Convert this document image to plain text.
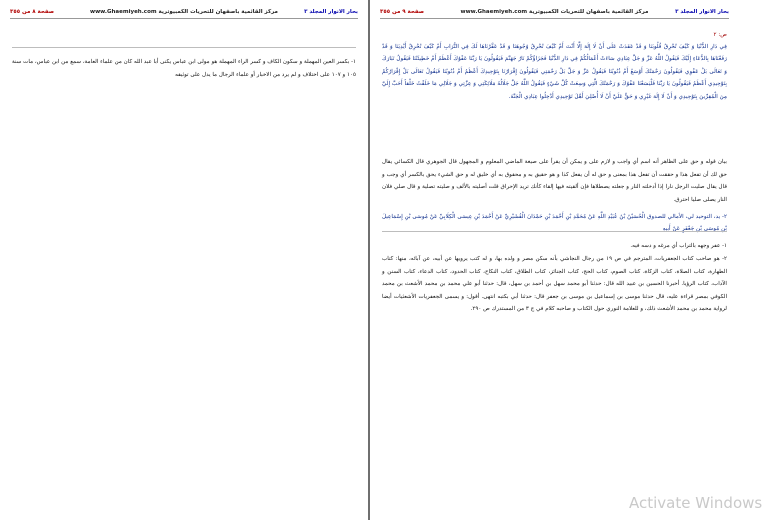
صفحة ٨ من ٣٥٥	www.Ghaemiyeh.com مرکز القائمیة باصفهان للتحریات الکمبیوتریة	بحار الانوار المجلد ٣
١- بكسر العين المهملة و سكون الكاف و كسر الراء المهملة هو مولى ابن عباس يكنى أبا عبد الله كان من علماء العامة، سمع من ابن عباس، مات سنة ١٠٥ و ١٠٧ على اختلاف و لم يرد من الاخبار أو علماء الرجال ما يدل على توثيقه
صفحة ٩ من ٣٥٥	www.Ghaemiyeh.com مرکز القائمیة باصفهان للتحریات الکمبیوتریة	بحار الانوار المجلد ٣
ص: ٢
فِي دَارِ الدُّنْيَا وَ كَيْفَ تُحْرِقُ قُلُوبَنَا وَ قَدْ عَقَدَتْ عَلَى أَنْ لَا إِلَهَ إِلَّا أَنْتَ أَمْ كَيْفَ تُحْرِقُ وُجُوهَنَا وَ قَدْ عَفَّرْنَاهَا لَكَ فِي التُّرَابِ أَمْ كَيْفَ تُحْرِقُ أَيْدِيَنَا وَ قَدْ رَفَعْنَاهَا بِالدُّعَاءِ إِلَيْكَ فَيَقُولُ اللَّهُ عَزَّ وَ جَلَّ عِبَادِي سَاءَتْ أَعْمَالُكُمْ فِي دَارِ الدُّنْيَا فَجَزَاؤُكُمْ نَارُ جَهَنَّمَ فَيَقُولُونَ يَا رَبَّنَا عَفْوُكَ أَعْظَمُ أَمْ خَطِيئَتُنَا فَيَقُولُ تَبَارَكَ وَ تَعَالَى بَلْ عَفْوِي فَيَقُولُونَ رَحْمَتُكَ أَوْسَعُ أَمْ ذُنُوبُنَا فَيَقُولُ عَزَّ وَ جَلَّ بَلْ رَحْمَتِي فَيَقُولُونَ إِقْرَارُنَا بِتَوْحِيدِكَ أَعْظَمُ أَمْ ذُنُوبُنَا فَيَقُولُ تَعَالَى بَلْ إِقْرَارُكُمْ بِتَوْحِيدِي أَعْظَمُ فَيَقُولُونَ يَا رَبَّنَا فَلْيَسَعْنَا عَفْوُكَ وَ رَحْمَتُكَ الَّتِي وَسِعَتْ كُلَّ شَيْءٍ فَيَقُولُ اللَّهُ جَلَّ جَلَالُهُ مَلَائِكَتِي وَ عِزَّتِي وَ جَلَالِي مَا خَلَقْتُ خَلْقاً أَحَبَّ إِلَيَّ مِنَ الْمُقِرِّينَ بِتَوْحِيدِي وَ أَنْ لَا إِلَهَ غَيْرِي وَ حَقٌّ عَلَيَّ أَنْ لَا أُصْلِيَ أَهْلَ تَوْحِيدِي أَدْخِلُوا عِبَادِي الْجَنَّةَ.
بيان قوله و حق على الظاهر أنه اسم أي واجب و لازم على و يمكن أن يقرأ على صيغة الماضي المعلوم و المجهول قال الجوهري قال الكسائي يقال حق لك أن تفعل هذا و حققت أن تفعل هذا بمعنى و حق له أن يفعل كذا و هو حقيق به و محقوق به أي خليق له و حق الشيء يحق بالكسر أي وجب و قال يقال صليت الرجل نارا إذا أدخلته النار و جعلته يصطلاها فإن ألقيته فيها إلقاء كأنك تريد الإحراق قلت أصليته بالألف و صليته تصلية و قال صلي فلان النار يصلى صليا احترق.
٢- يد، التوحيد لي، الأمالي للصدوق الْحُسَيْنُ بْنُ عُبَيْدِ اللَّهِ عَنْ مُحَمَّدِ بْنِ أَحْمَدَ بْنِ حَمْدَانَ الْقُشَيْرِيِّ عَنْ أَحْمَدَ بْنِ عِيسَى الْكِلَابِيِّ عَنْ مُوسَى بْنِ إِسْمَاعِيلَ بْنِ مُوسَى بْنِ جَعْفَرٍ عَنْ أَبِيهِ
١- عفر وجهه بالتراب أي مرغه و دسه فيه.
٢- هو صاحب كتاب الجعفريات، المترجم في ص ١٩ من رجال النجاشي بأنه سكن مصر و ولده بها، و له كتب يرويها عن أبيه، عن آبائه، منها: كتاب الطهارة، كتاب الصلاة، كتاب الزكاة، كتاب الصوم، كتاب الحج، كتاب الجنائز، كتاب الطلاق، كتاب النكاح، كتاب الحدود، كتاب الدعاء، كتاب السنن و الآداب، كتاب الرؤيا. أخبرنا الحسين بن عبيد الله قال: حدثنا أبو محمد سهل بن أحمد بن سهل، قال: حدثنا أبو علي محمد بن محمد الأشعث بن محمد الكوفي بمصر قراءة عليه، قال حدثنا موسى بن إسماعيل بن موسى بن جعفر قال: حدثنا أبي بكتبه انتهى. أقول: و يسمى الجعفريات الأشعثيات أيضا لرواية محمد بن محمد الأشعث ذلك، و للعلامة النوري حول الكتاب و صاحبه كلام في ج ٣ من المستدرك ص ٢٩٠.
Activate Windows
